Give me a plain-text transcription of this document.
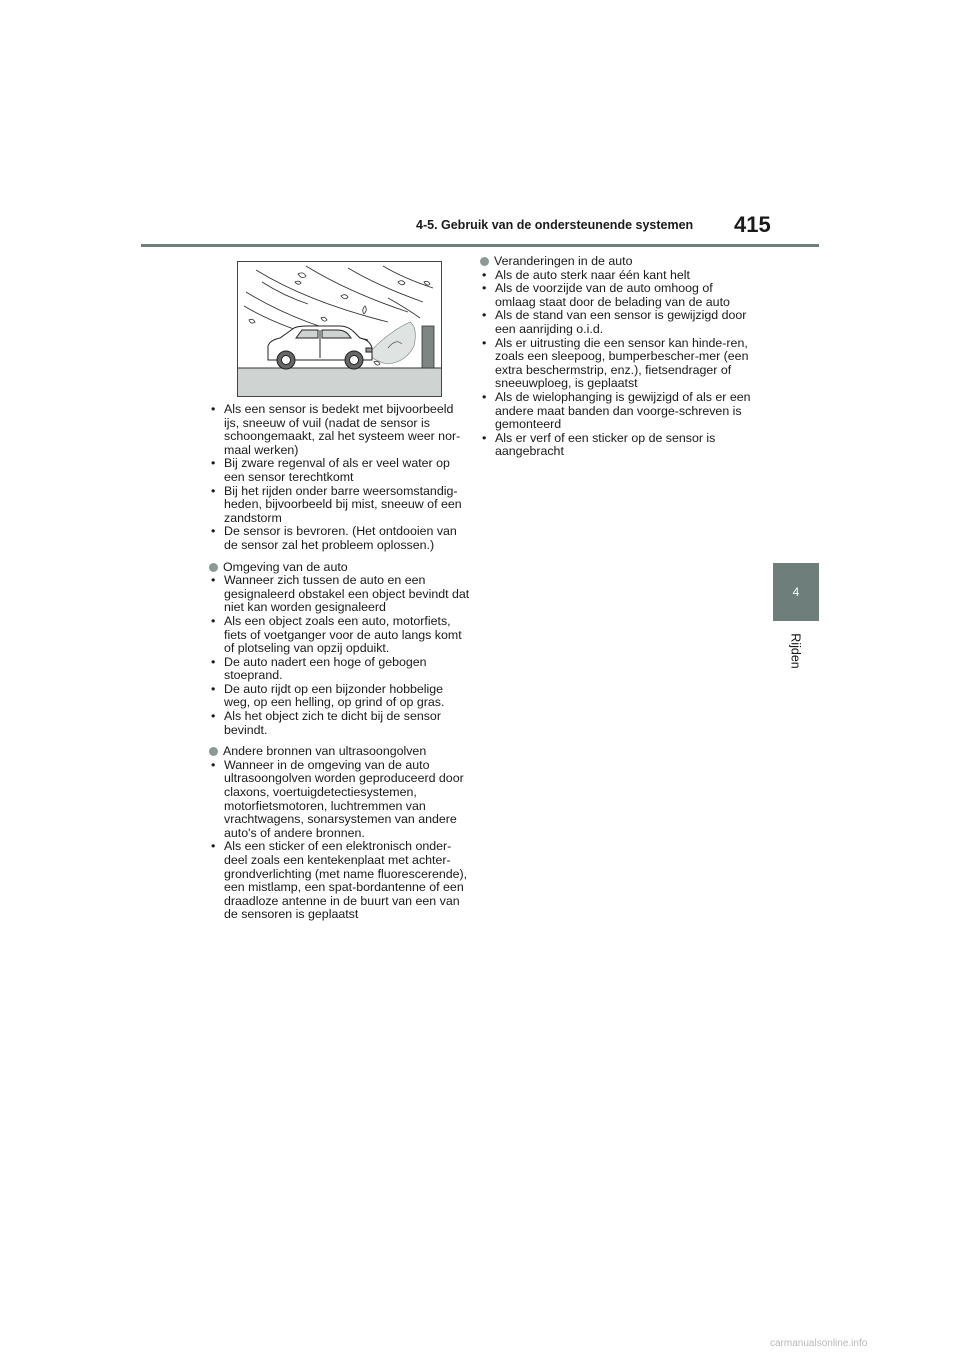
4-5. Gebruik van de ondersteunende systemen	415
4
Rijden
• Als een sensor is bedekt met bijvoorbeeld ijs, sneeuw of vuil (nadat de sensor is schoongemaakt, zal het systeem weer nor-maal werken)
• Bij zware regenval of als er veel water op een sensor terechtkomt
• Bij het rijden onder barre weersomstandig-heden, bijvoorbeeld bij mist, sneeuw of een zandstorm
• De sensor is bevroren. (Het ontdooien van de sensor zal het probleem oplossen.)
Omgeving van de auto
• Wanneer zich tussen de auto en een gesignaleerd obstakel een object bevindt dat niet kan worden gesignaleerd
• Als een object zoals een auto, motorfiets, fiets of voetganger voor de auto langs komt of plotseling van opzij opduikt.
• De auto nadert een hoge of gebogen stoeprand.
• De auto rijdt op een bijzonder hobbelige weg, op een helling, op grind of op gras.
• Als het object zich te dicht bij de sensor bevindt.
Andere bronnen van ultrasoongolven
• Wanneer in de omgeving van de auto ultrasoongolven worden geproduceerd door claxons, voertuigdetectiesystemen, motorfietsmotoren, luchtremmen van vrachtwagens, sonarsystemen van andere auto's of andere bronnen.
• Als een sticker of een elektronisch onder-deel zoals een kentekenplaat met achter-grondverlichting (met name fluorescerende), een mistlamp, een spat-bordantenne of een draadloze antenne in de buurt van een van de sensoren is geplaatst
Veranderingen in de auto
• Als de auto sterk naar één kant helt
• Als de voorzijde van de auto omhoog of omlaag staat door de belading van de auto
• Als de stand van een sensor is gewijzigd door een aanrijding o.i.d.
• Als er uitrusting die een sensor kan hinde-ren, zoals een sleepoog, bumperbescher-mer (een extra beschermstrip, enz.), fietsendrager of sneeuwploeg, is geplaatst
• Als de wielophanging is gewijzigd of als er een andere maat banden dan voorge-schreven is gemonteerd
• Als er verf of een sticker op de sensor is aangebracht
carmanualsonline.info
